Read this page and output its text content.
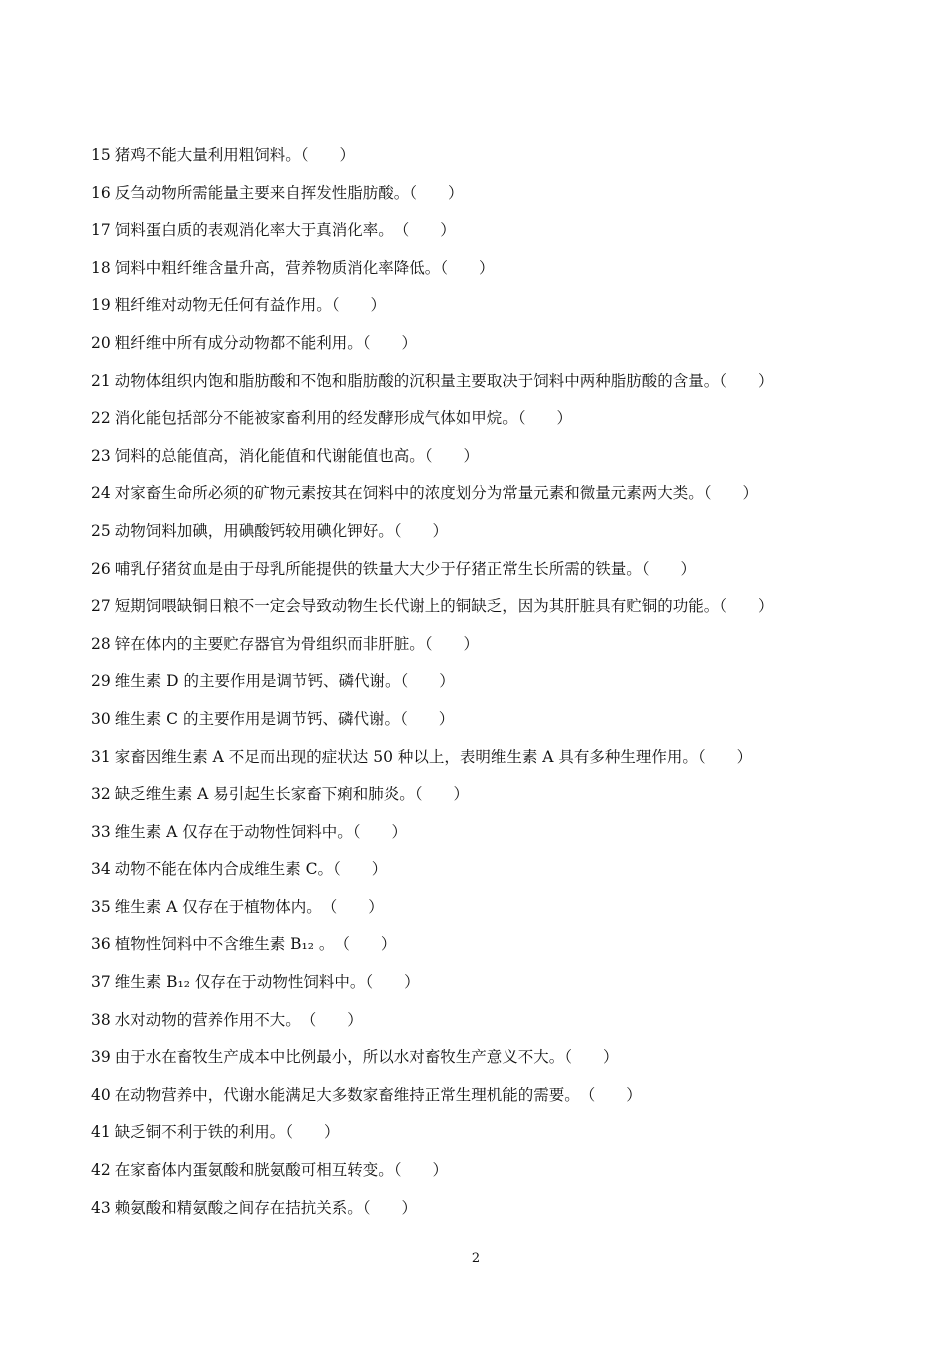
15 猪鸡不能大量利用粗饲料。（　　）
16 反刍动物所需能量主要来自挥发性脂肪酸。（　　）
17 饲料蛋白质的表观消化率大于真消化率。　（　　）
18 饲料中粗纤维含量升高，营养物质消化率降低。（　　）
19 粗纤维对动物无任何有益作用。（　　）
20 粗纤维中所有成分动物都不能利用。（　　）
21 动物体组织内饱和脂肪酸和不饱和脂肪酸的沉积量主要取决于饲料中两种脂肪酸的含量。（　　）
22 消化能包括部分不能被家畜利用的经发酵形成气体如甲烷。（　　）
23 饲料的总能值高，消化能值和代谢能值也高。（　　）
24 对家畜生命所必须的矿物元素按其在饲料中的浓度划分为常量元素和微量元素两大类。（　　）
25 动物饲料加碘，用碘酸钙较用碘化钾好。（　　）
26 哺乳仔猪贫血是由于母乳所能提供的铁量大大少于仔猪正常生长所需的铁量。（　　）
27 短期饲喂缺铜日粮不一定会导致动物生长代谢上的铜缺乏，因为其肝脏具有贮铜的功能。（　　）
28 锌在体内的主要贮存器官为骨组织而非肝脏。（　　）
29 维生素 D 的主要作用是调节钙、磷代谢。（　　）
30 维生素 C 的主要作用是调节钙、磷代谢。（　　）
31 家畜因维生素 A 不足而出现的症状达 50 种以上，表明维生素 A 具有多种生理作用。（　　）
32 缺乏维生素 A 易引起生长家畜下痢和肺炎。（　　）
33 维生素 A 仅存在于动物性饲料中。（　　）
34 动物不能在体内合成维生素 C。（　　）
35 维生素 A 仅存在于植物体内。　（　　）
36 植物性饲料中不含维生素 B₁₂ 。　（　　）
37 维生素 B₁₂ 仅存在于动物性饲料中。（　　）
38 水对动物的营养作用不大。　（　　）
39 由于水在畜牧生产成本中比例最小，所以水对畜牧生产意义不大。（　　）
40 在动物营养中，代谢水能满足大多数家畜维持正常生理机能的需要。　（　　）
41 缺乏铜不利于铁的利用。（　　）
42 在家畜体内蛋氨酸和胱氨酸可相互转变。（　　）
43 赖氨酸和精氨酸之间存在拮抗关系。（　　）
2
